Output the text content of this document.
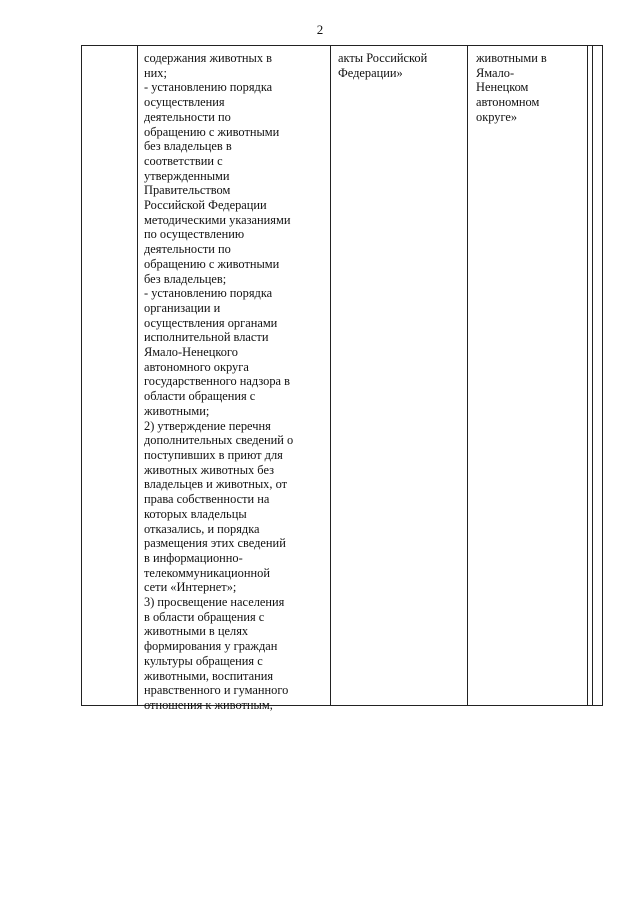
2
содержания животных в
них;
- установлению порядка
осуществления
деятельности по
обращению с животными
без владельцев в
соответствии с
утвержденными
Правительством
Российской Федерации
методическими указаниями
по осуществлению
деятельности по
обращению с животными
без владельцев;
- установлению порядка
организации и
осуществления органами
исполнительной власти
Ямало-Ненецкого
автономного округа
государственного надзора в
области обращения с
животными;
2) утверждение перечня
дополнительных сведений о
поступивших в приют для
животных животных без
владельцев и животных, от
права собственности на
которых владельцы
отказались, и порядка
размещения этих сведений
в информационно-
телекоммуникационной
сети «Интернет»;
3) просвещение населения
в области обращения с
животными в целях
формирования у граждан
культуры обращения с
животными, воспитания
нравственного и гуманного
отношения к животным,
акты Российской
Федерации»
животными в
Ямало-
Ненецком
автономном
округе»
